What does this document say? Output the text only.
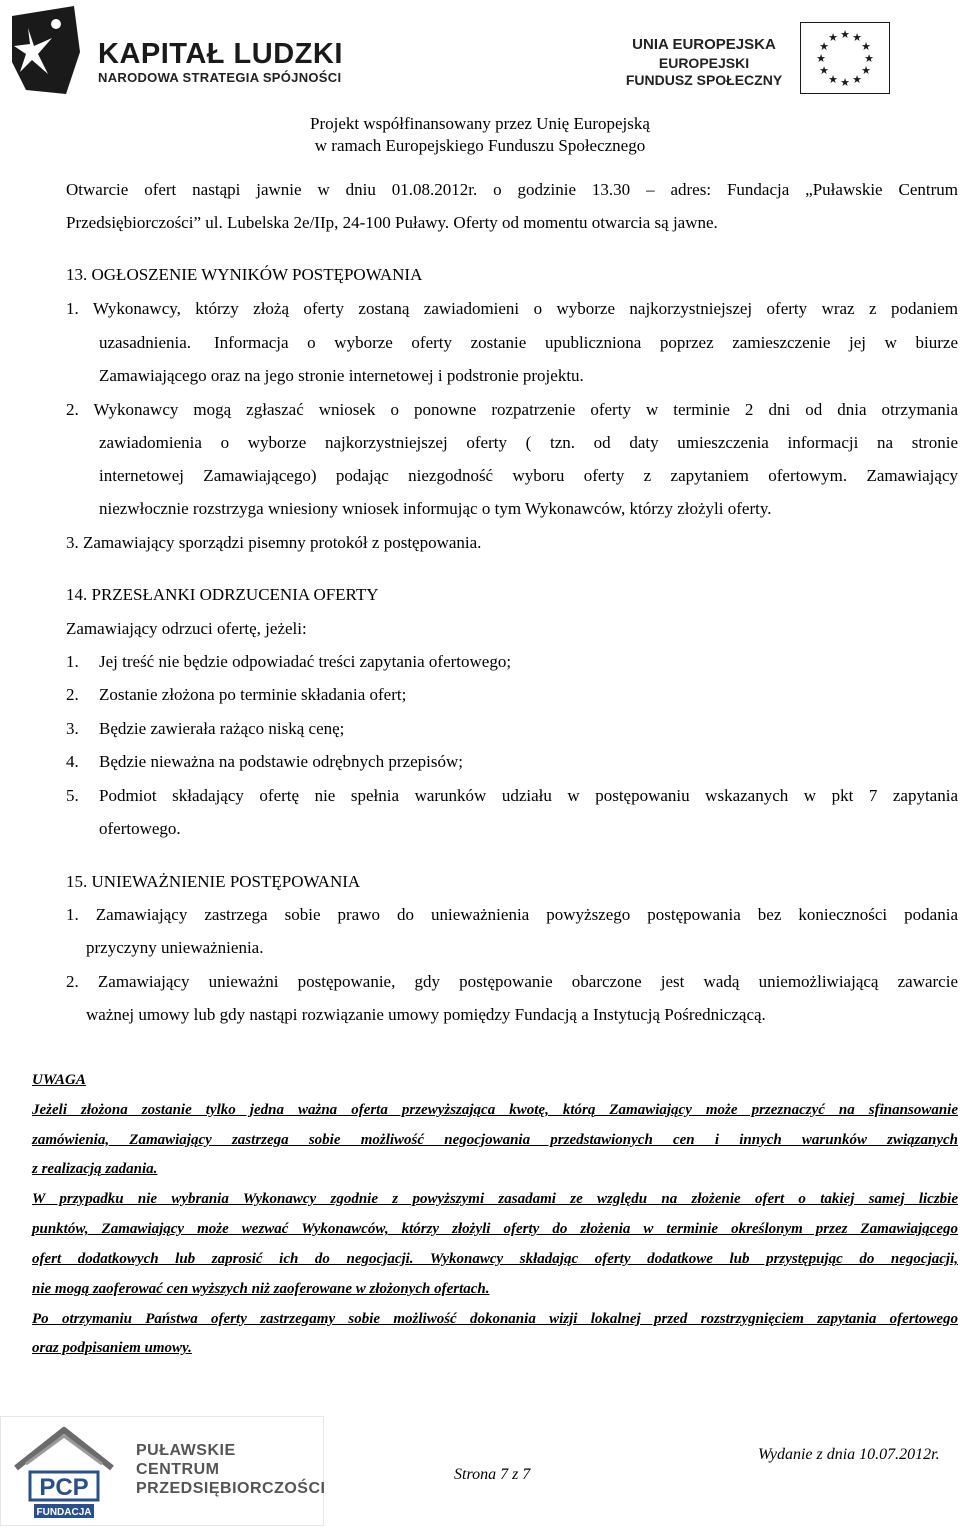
KAPITAŁ LUDZKI
NARODOWA STRATEGIA SPÓJNOŚCI
UNIA EUROPEJSKA
EUROPEJSKI
FUNDUSZ SPOŁECZNY
★ ★
★
★
★
★
★
★
★
★
★
★
Projekt współfinansowany przez Unię Europejską
w ramach Europejskiego Funduszu Społecznego
Otwarcie ofert nastąpi jawnie w dniu 01.08.2012r. o godzinie 13.30 – adres: Fundacja „Puławskie Centrum
Przedsiębiorczości” ul. Lubelska 2e/IIp, 24-100 Puławy. Oferty od momentu otwarcia są jawne.
13. OGŁOSZENIE WYNIKÓW POSTĘPOWANIA
1. Wykonawcy, którzy złożą oferty zostaną zawiadomieni o wyborze najkorzystniejszej oferty wraz z podaniem
uzasadnienia. Informacja o wyborze oferty zostanie upubliczniona poprzez zamieszczenie jej w biurze
Zamawiającego oraz na jego stronie internetowej i podstronie projektu.
2. Wykonawcy mogą zgłaszać wniosek o ponowne rozpatrzenie oferty w terminie 2 dni od dnia otrzymania
zawiadomienia o wyborze najkorzystniejszej oferty ( tzn. od daty umieszczenia informacji na stronie
internetowej Zamawiającego) podając niezgodność wyboru oferty z zapytaniem ofertowym. Zamawiający
niezwłocznie rozstrzyga wniesiony wniosek informując o tym Wykonawców, którzy złożyli oferty.
3. Zamawiający sporządzi pisemny protokół z postępowania.
14. PRZESŁANKI ODRZUCENIA OFERTY
Zamawiający odrzuci ofertę, jeżeli:
1. Jej treść nie będzie odpowiadać treści zapytania ofertowego;
2. Zostanie złożona po terminie składania ofert;
3. Będzie zawierała rażąco niską cenę;
4. Będzie nieważna na podstawie odrębnych przepisów;
5. Podmiot składający ofertę nie spełnia warunków udziału w postępowaniu wskazanych w pkt 7 zapytania
ofertowego.
15. UNIEWAŻNIENIE POSTĘPOWANIA
1. Zamawiający zastrzega sobie prawo do unieważnienia powyższego postępowania bez konieczności podania
przyczyny unieważnienia.
2. Zamawiający unieważni postępowanie, gdy postępowanie obarczone jest wadą uniemożliwiającą zawarcie
ważnej umowy lub gdy nastąpi rozwiązanie umowy pomiędzy Fundacją a Instytucją Pośredniczącą.
UWAGA
Jeżeli złożona zostanie tylko jedna ważna oferta przewyższająca kwotę, którą Zamawiający może przeznaczyć na sfinansowanie
zamówienia, Zamawiający zastrzega sobie możliwość negocjowania przedstawionych cen i innych warunków związanych
z realizacją zadania.
W przypadku nie wybrania Wykonawcy zgodnie z powyższymi zasadami ze względu na złożenie ofert o takiej samej liczbie
punktów, Zamawiający może wezwać Wykonawców, którzy złożyli oferty do złożenia w terminie określonym przez Zamawiającego
ofert dodatkowych lub zaprosić ich do negocjacji. Wykonawcy składając oferty dodatkowe lub przystępując do negocjacji,
nie mogą zaoferować cen wyższych niż zaoferowane w złożonych ofertach.
Po otrzymaniu Państwa oferty zastrzegamy sobie możliwość dokonania wizji lokalnej przed rozstrzygnięciem zapytania ofertowego
oraz podpisaniem umowy.
PCP
FUNDACJA
PUŁAWSKIE
CENTRUM
PRZEDSIĘBIORCZOŚCI
Strona 7 z 7
Wydanie z dnia 10.07.2012r.
